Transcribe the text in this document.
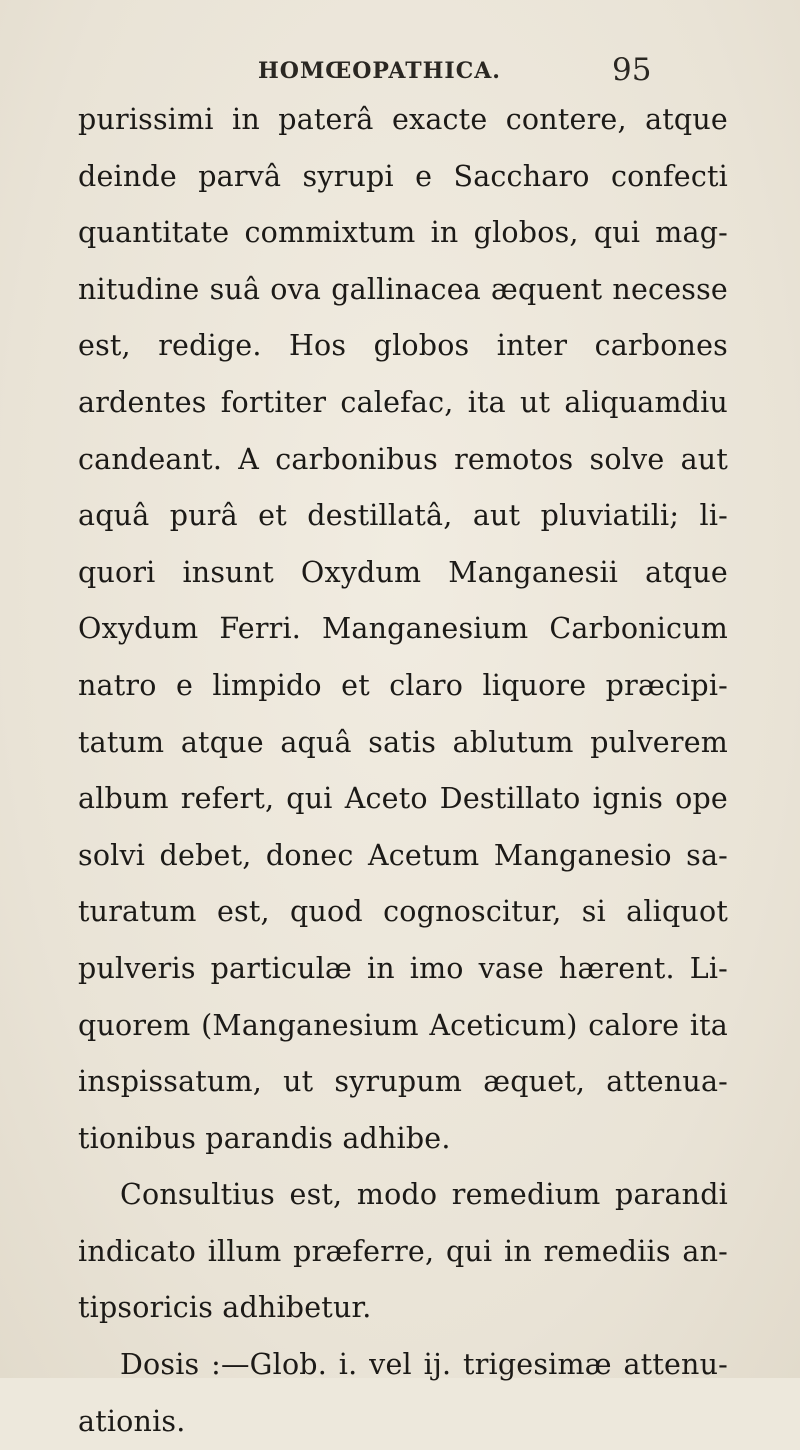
HOMŒOPATHICA.	95
purissimi in paterâ exacte contere, atque
deinde parvâ syrupi e Saccharo confecti
quantitate commixtum in globos, qui mag-
nitudine suâ ova gallinacea æquent necesse
est, redige. Hos globos inter carbones
ardentes fortiter calefac, ita ut aliquamdiu
candeant. A carbonibus remotos solve aut
aquâ purâ et destillatâ, aut pluviatili; li-
quori insunt Oxydum Manganesii atque
Oxydum Ferri. Manganesium Carbonicum
natro e limpido et claro liquore præcipi-
tatum atque aquâ satis ablutum pulverem
album refert, qui Aceto Destillato ignis ope
solvi debet, donec Acetum Manganesio sa-
turatum est, quod cognoscitur, si aliquot
pulveris particulæ in imo vase hærent. Li-
quorem (Manganesium Aceticum) calore ita
inspissatum, ut syrupum æquet, attenua-
tionibus parandis adhibe.
Consultius est, modo remedium parandi
indicato illum præferre, qui in remediis an-
tipsoricis adhibetur.
Dosis :—Glob. i. vel ij. trigesimæ attenu-
ationis.
